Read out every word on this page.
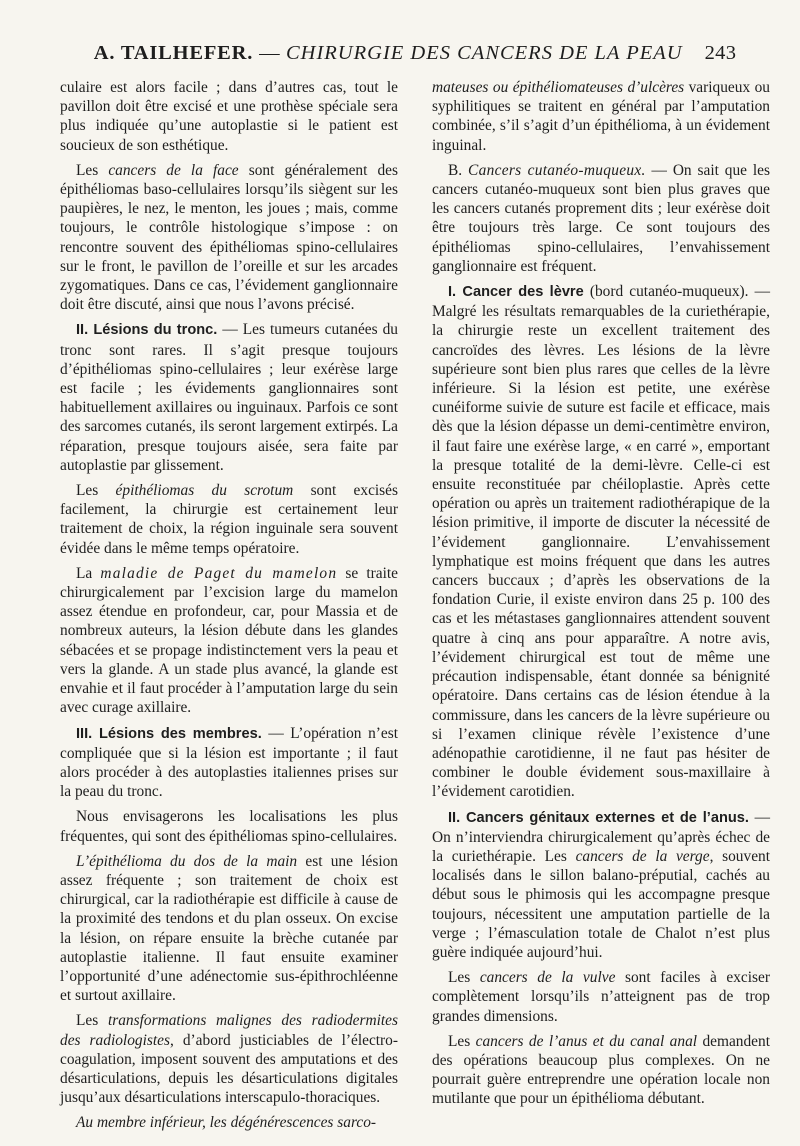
A. TAILHEFER. — CHIRURGIE DES CANCERS DE LA PEAU 243

culaire est alors facile ; dans d’autres cas, tout le pavillon doit être excisé et une prothèse spéciale sera plus indiquée qu’une autoplastie si le patient est soucieux de son esthétique.

Les cancers de la face sont généralement des épithéliomas baso-cellulaires lorsqu’ils siègent sur les paupières, le nez, le menton, les joues ; mais, comme toujours, le contrôle histologique s’impose : on rencontre souvent des épithéliomas spino-cellulaires sur le front, le pavillon de l’oreille et sur les arcades zygomatiques. Dans ce cas, l’évidement ganglionnaire doit être discuté, ainsi que nous l’avons précisé.

II. Lésions du tronc. — Les tumeurs cutanées du tronc sont rares. Il s’agit presque toujours d’épithéliomas spino-cellulaires ; leur exérèse large est facile ; les évidements ganglionnaires sont habituellement axillaires ou inguinaux. Parfois ce sont des sarcomes cutanés, ils seront largement extirpés. La réparation, presque toujours aisée, sera faite par autoplastie par glissement.

Les épithéliomas du scrotum sont excisés facilement, la chirurgie est certainement leur traitement de choix, la région inguinale sera souvent évidée dans le même temps opératoire.

La maladie de Paget du mamelon se traite chirurgicalement par l’excision large du mamelon assez étendue en profondeur, car, pour Massia et de nombreux auteurs, la lésion débute dans les glandes sébacées et se propage indistinctement vers la peau et vers la glande. A un stade plus avancé, la glande est envahie et il faut procéder à l’amputation large du sein avec curage axillaire.

III. Lésions des membres. — L’opération n’est compliquée que si la lésion est importante ; il faut alors procéder à des autoplasties italiennes prises sur la peau du tronc.

Nous envisagerons les localisations les plus fréquentes, qui sont des épithéliomas spino-cellulaires.

L’épithélioma du dos de la main est une lésion assez fréquente ; son traitement de choix est chirurgical, car la radiothérapie est difficile à cause de la proximité des tendons et du plan osseux. On excise la lésion, on répare ensuite la brèche cutanée par autoplastie italienne. Il faut ensuite examiner l’opportunité d’une adénectomie sus-épithrochléenne et surtout axillaire.

Les transformations malignes des radiodermites des radiologistes, d’abord justiciables de l’électro-coagulation, imposent souvent des amputations et des désarticulations, depuis les désarticulations digitales jusqu’aux désarticulations interscapulo-thoraciques.

Au membre inférieur, les dégénérescences sarco-

mateuses ou épithéliomateuses d’ulcères variqueux ou syphilitiques se traitent en général par l’amputation combinée, s’il s’agit d’un épithélioma, à un évidement inguinal.

B. Cancers cutanéo-muqueux. — On sait que les cancers cutanéo-muqueux sont bien plus graves que les cancers cutanés proprement dits ; leur exérèse doit être toujours très large. Ce sont toujours des épithéliomas spino-cellulaires, l’envahissement ganglionnaire est fréquent.

I. Cancer des lèvre (bord cutanéo-muqueux). — Malgré les résultats remarquables de la curiethérapie, la chirurgie reste un excellent traitement des cancroïdes des lèvres. Les lésions de la lèvre supérieure sont bien plus rares que celles de la lèvre inférieure. Si la lésion est petite, une exérèse cunéiforme suivie de suture est facile et efficace, mais dès que la lésion dépasse un demi-centimètre environ, il faut faire une exérèse large, « en carré », emportant la presque totalité de la demi-lèvre. Celle-ci est ensuite reconstituée par chéiloplastie. Après cette opération ou après un traitement radiothérapique de la lésion primitive, il importe de discuter la nécessité de l’évidement ganglionnaire. L’envahissement lymphatique est moins fréquent que dans les autres cancers buccaux ; d’après les observations de la fondation Curie, il existe environ dans 25 p. 100 des cas et les métastases ganglionnaires attendent souvent quatre à cinq ans pour apparaître. A notre avis, l’évidement chirurgical est tout de même une précaution indispensable, étant donnée sa bénignité opératoire. Dans certains cas de lésion étendue à la commissure, dans les cancers de la lèvre supérieure ou si l’examen clinique révèle l’existence d’une adénopathie carotidienne, il ne faut pas hésiter de combiner le double évidement sous-maxillaire à l’évidement carotidien.

II. Cancers génitaux externes et de l’anus. — On n’interviendra chirurgicalement qu’après échec de la curiethérapie. Les cancers de la verge, souvent localisés dans le sillon balano-préputial, cachés au début sous le phimosis qui les accompagne presque toujours, nécessitent une amputation partielle de la verge ; l’émasculation totale de Chalot n’est plus guère indiquée aujourd’hui.

Les cancers de la vulve sont faciles à exciser complètement lorsqu’ils n’atteignent pas de trop grandes dimensions.

Les cancers de l’anus et du canal anal demandent des opérations beaucoup plus complexes. On ne pourrait guère entreprendre une opération locale non mutilante que pour un épithélioma débutant.
